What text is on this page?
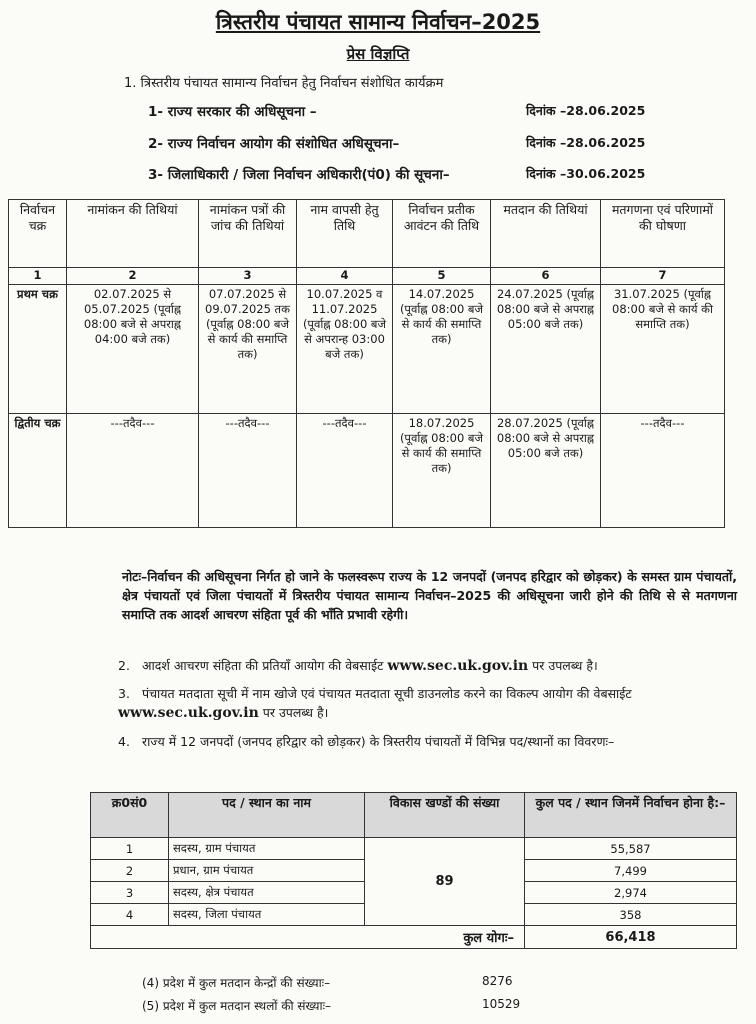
त्रिस्तरीय पंचायत सामान्य निर्वाचन–2025
प्रेस विज्ञप्ति
1. त्रिस्तरीय पंचायत सामान्य निर्वाचन हेतु निर्वाचन संशोधित कार्यक्रम
1- राज्य सरकार की अधिसूचना –	दिनांक –28.06.2025
2- राज्य निर्वाचन आयोग की संशोधित अधिसूचना–	दिनांक –28.06.2025
3- जिलाधिकारी / जिला निर्वाचन अधिकारी(पं0) की सूचना–	दिनांक –30.06.2025
निर्वाचन चक्र	नामांकन की तिथियां	नामांकन पत्रों की जांच की तिथियां	नाम वापसी हेतु तिथि	निर्वाचन प्रतीक आवंटन की तिथि	मतदान की तिथियां	मतगणना एवं परिणामों की घोषणा
1	2	3	4	5	6	7
प्रथम चक्र	02.07.2025 से 05.07.2025 (पूर्वाह्न 08:00 बजे से अपराह्न 04:00 बजे तक)	07.07.2025 से 09.07.2025 तक (पूर्वाह्न 08:00 बजे से कार्य की समाप्ति तक)	10.07.2025 व 11.07.2025 (पूर्वाह्न 08:00 बजे से अपरान्ह 03:00 बजे तक)	14.07.2025 (पूर्वाह्न 08:00 बजे से कार्य की समाप्ति तक)	24.07.2025 (पूर्वाह्न 08:00 बजे से अपराह्न 05:00 बजे तक)	31.07.2025 (पूर्वाह्न 08:00 बजे से कार्य की समाप्ति तक)
द्वितीय चक्र	---तदैव---	---तदैव---	---तदैव---	18.07.2025 (पूर्वाह्न 08:00 बजे से कार्य की समाप्ति तक)	28.07.2025 (पूर्वाह्न 08:00 बजे से अपराह्न 05:00 बजे तक)	---तदैव---
नोटः–निर्वाचन की अधिसूचना निर्गत हो जाने के फलस्वरूप राज्य के 12 जनपदों (जनपद हरिद्वार को छोड़कर) के समस्त ग्राम पंचायतों, क्षेत्र पंचायतों एवं जिला पंचायतों में त्रिस्तरीय पंचायत सामान्य निर्वाचन–2025 की अधिसूचना जारी होने की तिथि से से मतगणना समाप्ति तक आदर्श आचरण संहिता पूर्व की भाँति प्रभावी रहेगी।
2. आदर्श आचरण संहिता की प्रतियाँ आयोग की वेबसाईट www.sec.uk.gov.in पर उपलब्ध है।
3. पंचायत मतदाता सूची में नाम खोजे एवं पंचायत मतदाता सूची डाउनलोड करने का विकल्प आयोग की वेबसाईट www.sec.uk.gov.in पर उपलब्ध है।
4. राज्य में 12 जनपदों (जनपद हरिद्वार को छोड़कर) के त्रिस्तरीय पंचायतों में विभिन्न पद/स्थानों का विवरणः–
क्र0सं0	पद / स्थान का नाम	विकास खण्डों की संख्या	कुल पद / स्थान जिनमें निर्वाचन होना है:–
1	सदस्य, ग्राम पंचायत	89	55,587
2	प्रधान, ग्राम पंचायत		7,499
3	सदस्य, क्षेत्र पंचायत		2,974
4	सदस्य, जिला पंचायत		358
कुल योगः–			66,418
(4) प्रदेश में कुल मतदान केन्द्रों की संख्याः–	8276
(5) प्रदेश में कुल मतदान स्थलों की संख्याः–	10529
